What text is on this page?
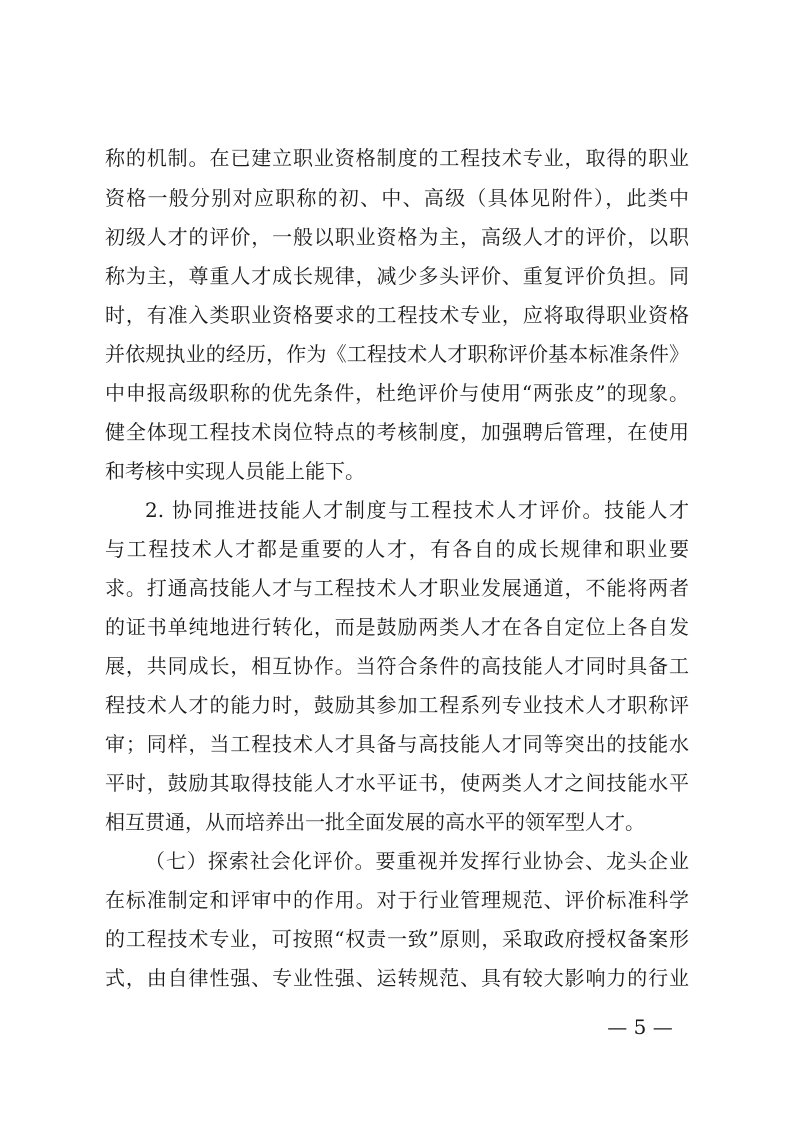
称的机制。在已建立职业资格制度的工程技术专业，取得的职业
资格一般分别对应职称的初、中、高级（具体见附件），此类中
初级人才的评价，一般以职业资格为主，高级人才的评价，以职
称为主，尊重人才成长规律，减少多头评价、重复评价负担。同
时，有准入类职业资格要求的工程技术专业，应将取得职业资格
并依规执业的经历，作为《工程技术人才职称评价基本标准条件》
中申报高级职称的优先条件，杜绝评价与使用“两张皮”的现象。
健全体现工程技术岗位特点的考核制度，加强聘后管理，在使用
和考核中实现人员能上能下。
2. 协同推进技能人才制度与工程技术人才评价。技能人才
与工程技术人才都是重要的人才，有各自的成长规律和职业要
求。打通高技能人才与工程技术人才职业发展通道，不能将两者
的证书单纯地进行转化，而是鼓励两类人才在各自定位上各自发
展，共同成长，相互协作。当符合条件的高技能人才同时具备工
程技术人才的能力时，鼓励其参加工程系列专业技术人才职称评
审；同样，当工程技术人才具备与高技能人才同等突出的技能水
平时，鼓励其取得技能人才水平证书，使两类人才之间技能水平
相互贯通，从而培养出一批全面发展的高水平的领军型人才。
（七）探索社会化评价。要重视并发挥行业协会、龙头企业
在标准制定和评审中的作用。对于行业管理规范、评价标准科学
的工程技术专业，可按照“权责一致”原则，采取政府授权备案形
式，由自律性强、专业性强、运转规范、具有较大影响力的行业
— 5 —
